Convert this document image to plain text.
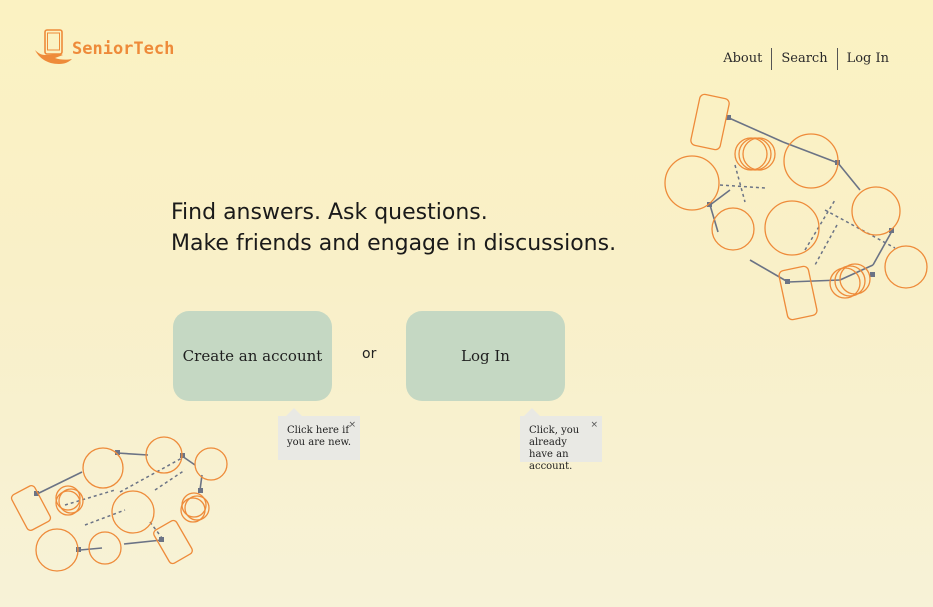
SeniorTech	About	Search	Log In
Find answers. Ask questions.
Make friends and engage in discussions.
Create an account	or	Log In
×
Click here if you are new.
×
Click, you already have an account.
